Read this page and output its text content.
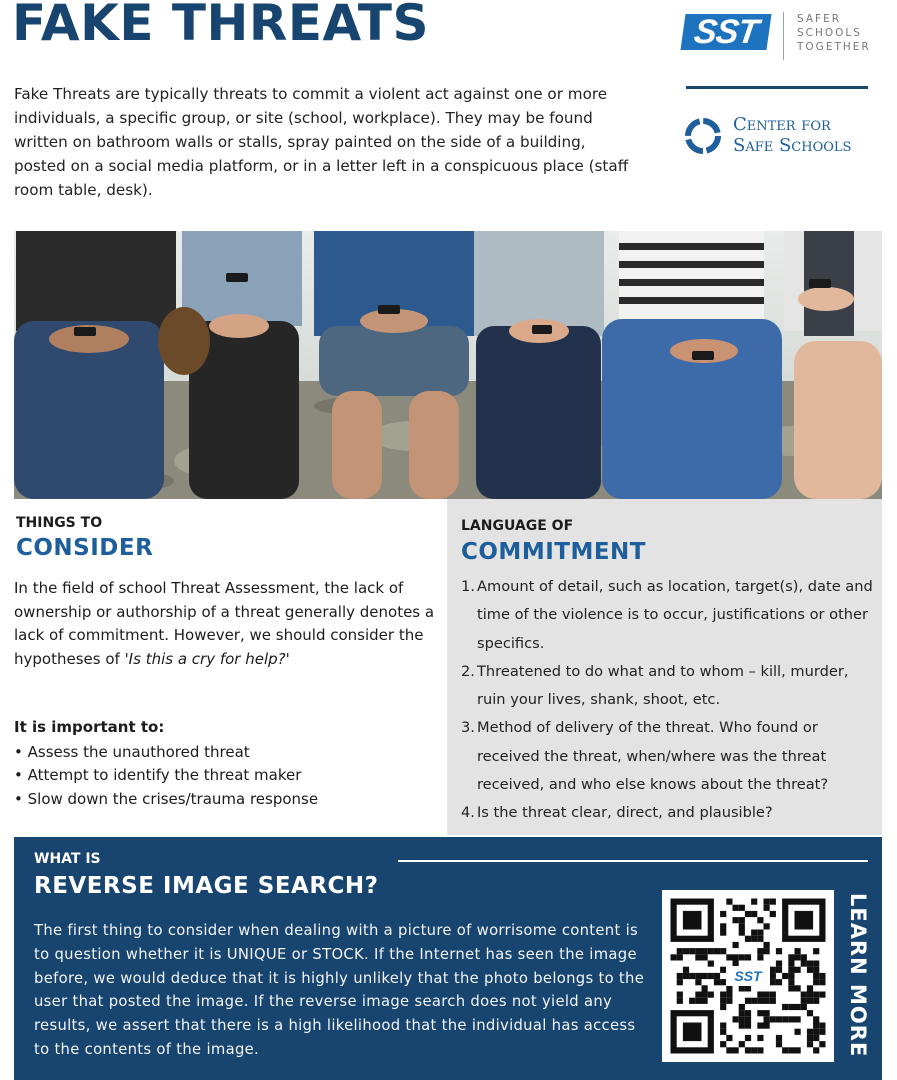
FAKE THREATS

Fake Threats are typically threats to commit a violent act against one or more individuals, a specific group, or site (school, workplace). They may be found written on bathroom walls or stalls, spray painted on the side of a building, posted on a social media platform, or in a letter left in a conspicuous place (staff room table, desk).

SST	SAFER
SCHOOLS
TOGETHER
Center for
Safe Schools

THINGS TO

CONSIDER

In the field of school Threat Assessment, the lack of ownership or authorship of a threat generally denotes a lack of commitment. However, we should consider the hypotheses of 'Is this a cry for help?'

It is important to:

• Assess the unauthored threat
• Attempt to identify the threat maker
• Slow down the crises/trauma response

LANGUAGE OF

COMMITMENT

1. Amount of detail, such as location, target(s), date and time of the violence is to occur, justifications or other specifics.
2. Threatened to do what and to whom – kill, murder, ruin your lives, shank, shoot, etc.
3. Method of delivery of the threat. Who found or received the threat, when/where was the threat received, and who else knows about the threat?
4. Is the threat clear, direct, and plausible?

WHAT IS

REVERSE IMAGE SEARCH?

The first thing to consider when dealing with a picture of worrisome content is to question whether it is UNIQUE or STOCK. If the Internet has seen the image before, we would deduce that it is highly unlikely that the photo belongs to the user that posted the image. If the reverse image search does not yield any results, we assert that there is a high likelihood that the individual has access to the contents of the image.

SST	LEARN MORE
